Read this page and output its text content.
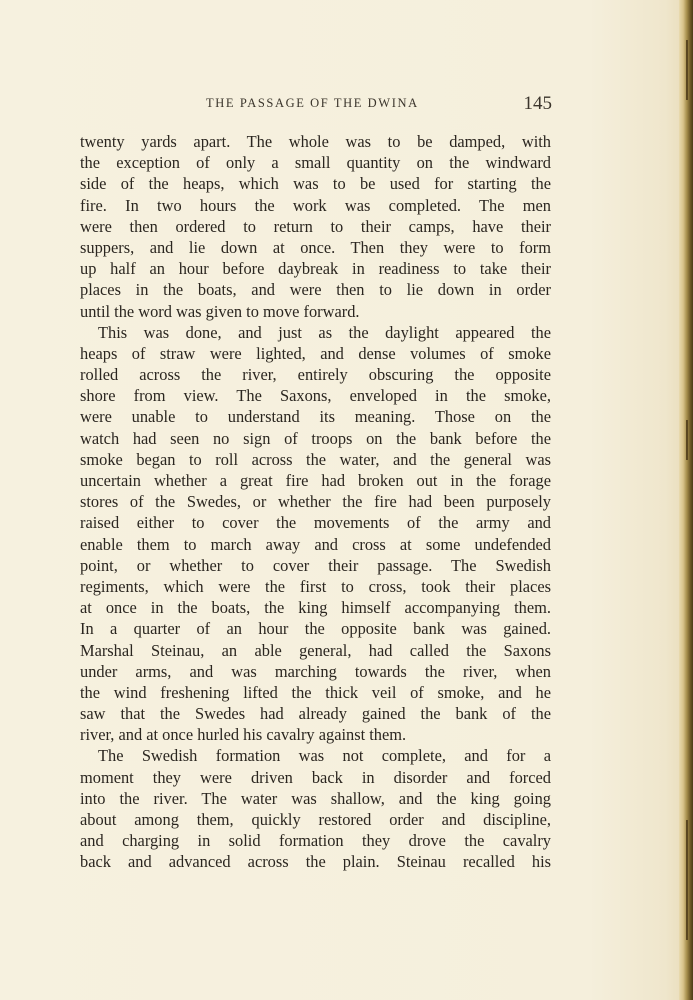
THE PASSAGE OF THE DWINA	145
twenty yards apart. The whole was to be damped, with
the exception of only a small quantity on the windward
side of the heaps, which was to be used for starting the
fire. In two hours the work was completed. The men
were then ordered to return to their camps, have their
suppers, and lie down at once. Then they were to form
up half an hour before daybreak in readiness to take their
places in the boats, and were then to lie down in order
until the word was given to move forward.
This was done, and just as the daylight appeared the
heaps of straw were lighted, and dense volumes of smoke
rolled across the river, entirely obscuring the opposite
shore from view. The Saxons, enveloped in the smoke,
were unable to understand its meaning. Those on the
watch had seen no sign of troops on the bank before the
smoke began to roll across the water, and the general was
uncertain whether a great fire had broken out in the forage
stores of the Swedes, or whether the fire had been purposely
raised either to cover the movements of the army and
enable them to march away and cross at some undefended
point, or whether to cover their passage. The Swedish
regiments, which were the first to cross, took their places
at once in the boats, the king himself accompanying them.
In a quarter of an hour the opposite bank was gained.
Marshal Steinau, an able general, had called the Saxons
under arms, and was marching towards the river, when
the wind freshening lifted the thick veil of smoke, and he
saw that the Swedes had already gained the bank of the
river, and at once hurled his cavalry against them.
The Swedish formation was not complete, and for a
moment they were driven back in disorder and forced
into the river. The water was shallow, and the king going
about among them, quickly restored order and discipline,
and charging in solid formation they drove the cavalry
back and advanced across the plain. Steinau recalled his
